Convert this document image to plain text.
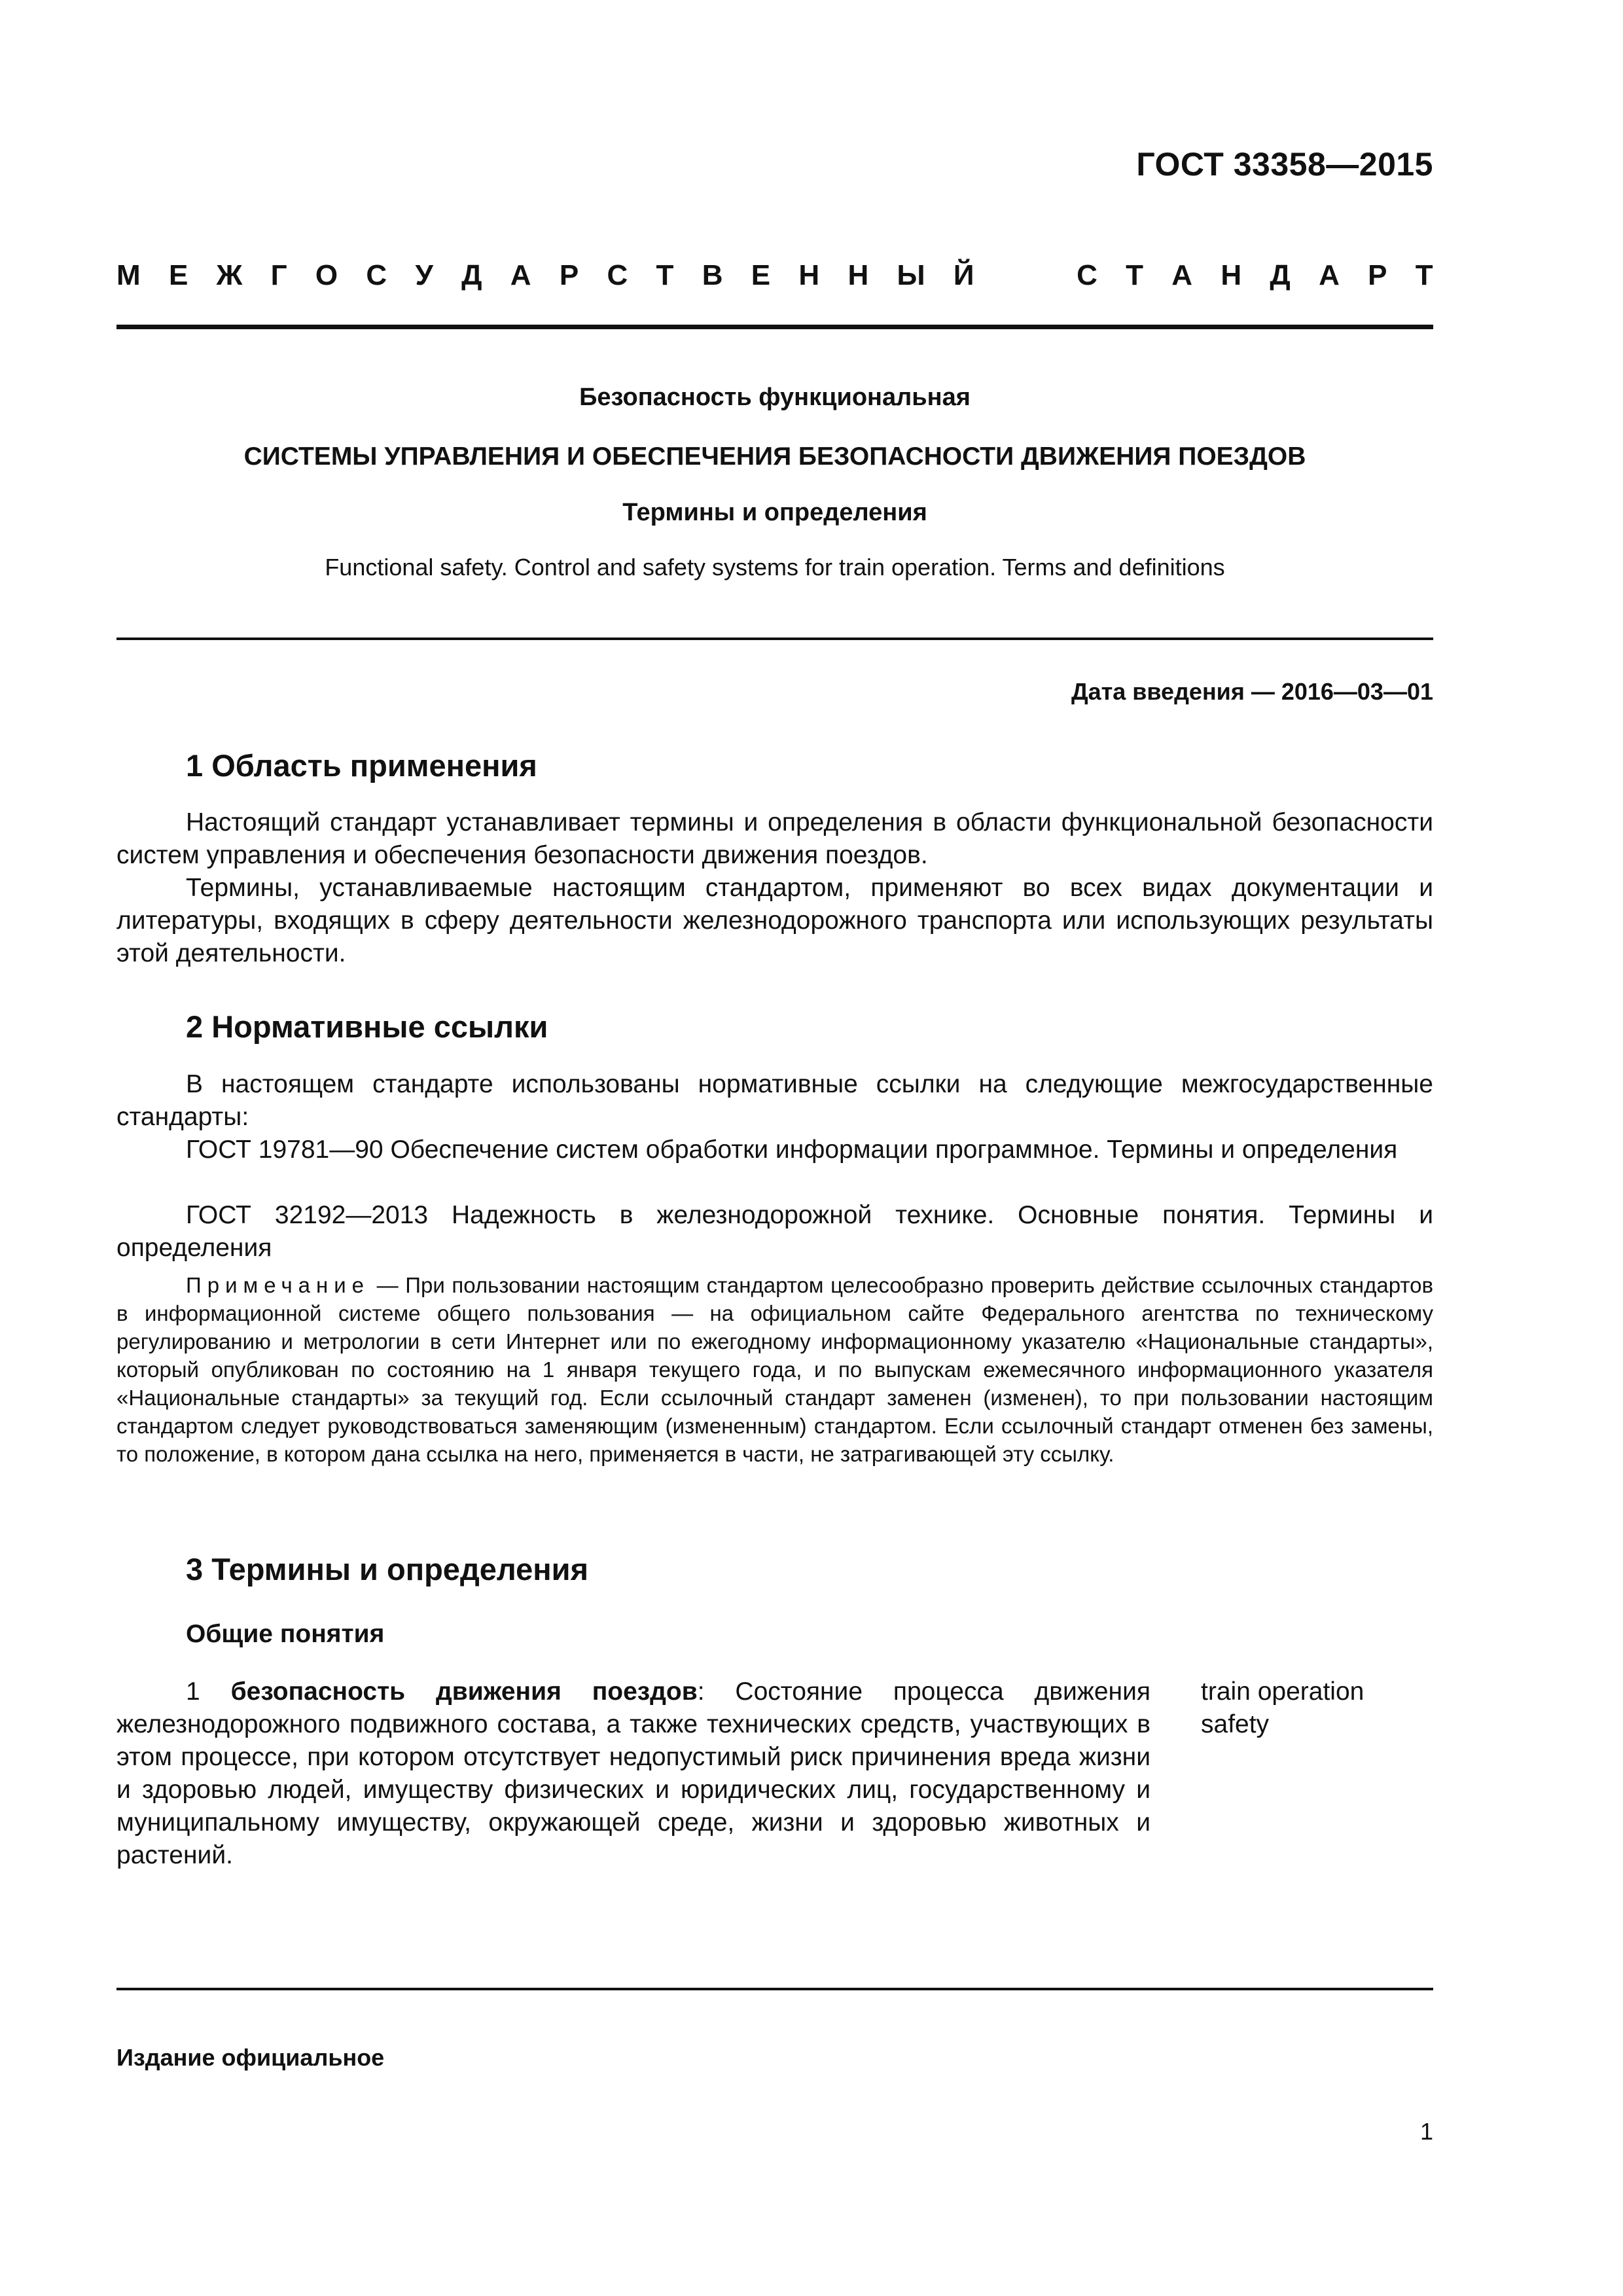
ГОСТ 33358—2015
М Е Ж Г О С У Д А Р С Т В Е Н Н Ы Й	С Т А Н Д А Р Т
Безопасность функциональная
СИСТЕМЫ УПРАВЛЕНИЯ И ОБЕСПЕЧЕНИЯ БЕЗОПАСНОСТИ ДВИЖЕНИЯ ПОЕЗДОВ
Термины и определения
Functional safety. Control and safety systems for train operation. Terms and definitions
Дата введения — 2016—03—01
1 Область применения

Настоящий стандарт устанавливает термины и определения в области функциональной безопасности систем управления и обеспечения безопасности движения поездов.

Термины, устанавливаемые настоящим стандартом, применяют во всех видах документации и литературы, входящих в сферу деятельности железнодорожного транспорта или использующих результаты этой деятельности.

2 Нормативные ссылки

В настоящем стандарте использованы нормативные ссылки на следующие межгосударственные стандарты:

ГОСТ 19781—90 Обеспечение систем обработки информации программное. Термины и определения

ГОСТ 32192—2013 Надежность в железнодорожной технике. Основные понятия. Термины и определения

Примечание — При пользовании настоящим стандартом целесообразно проверить действие ссылочных стандартов в информационной системе общего пользования — на официальном сайте Федерального агентства по техническому регулированию и метрологии в сети Интернет или по ежегодному информационному указателю «Национальные стандарты», который опубликован по состоянию на 1 января текущего года, и по выпускам ежемесячного информационного указателя «Национальные стандарты» за текущий год. Если ссылочный стандарт заменен (изменен), то при пользовании настоящим стандартом следует руководствоваться заменяющим (измененным) стандартом. Если ссылочный стандарт отменен без замены, то положение, в котором дана ссылка на него, применяется в части, не затрагивающей эту ссылку.

3 Термины и определения
Общие понятия

1 безопасность движения поездов: Состояние процесса движения железнодорожного подвижного состава, а также технических средств, участвующих в этом процессе, при котором отсутствует недопустимый риск причинения вреда жизни и здоровью людей, имуществу физических и юридических лиц, государственному и муниципальному имуществу, окружающей среде, жизни и здоровью животных и растений.

train operation
safety
Издание официальное
1
